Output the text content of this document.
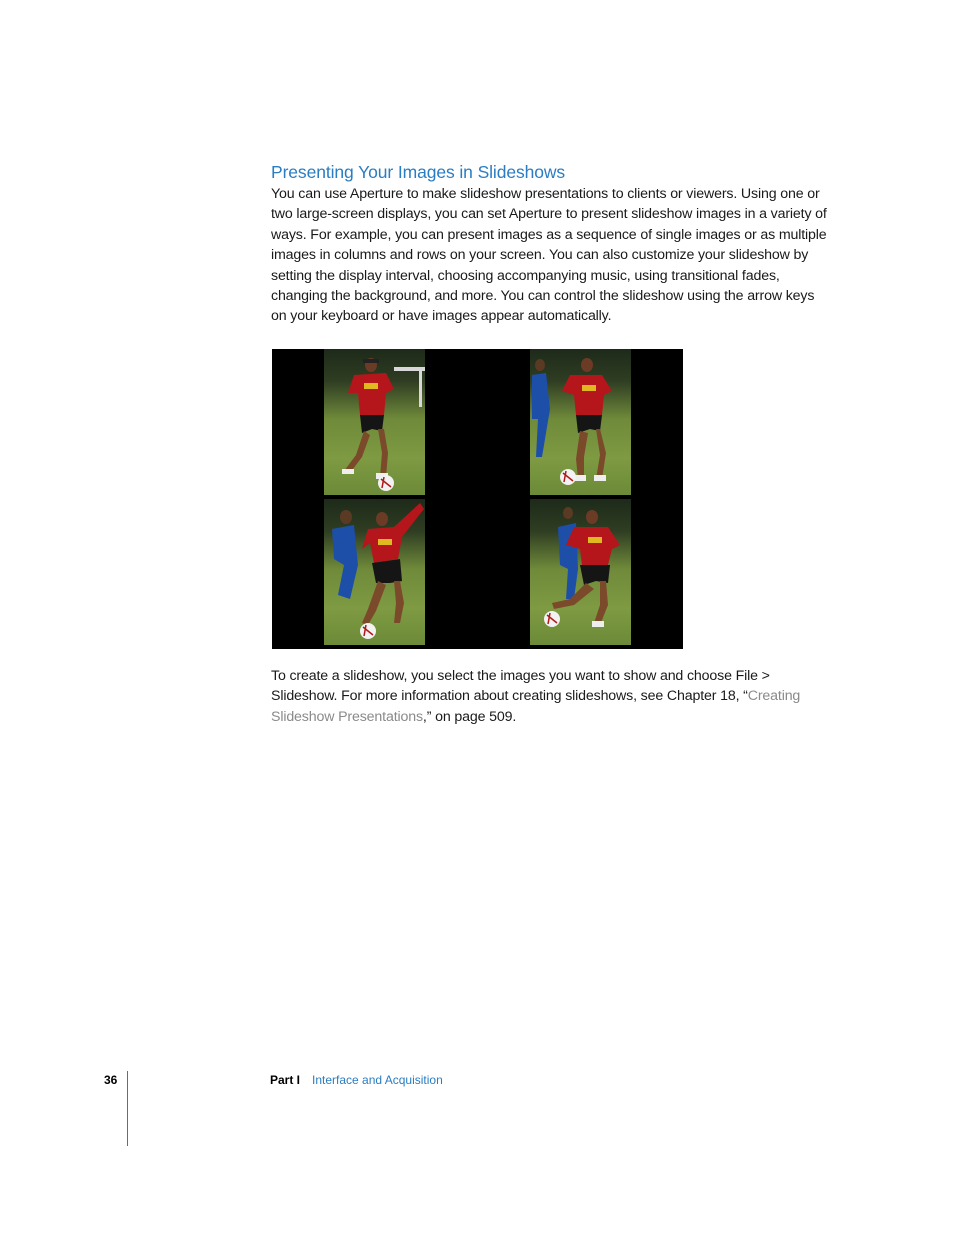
Presenting Your Images in Slideshows

You can use Aperture to make slideshow presentations to clients or viewers. Using one or two large-screen displays, you can set Aperture to present slideshow images in a variety of ways. For example, you can present images as a sequence of single images or as multiple images in columns and rows on your screen. You can also customize your slideshow by setting the display interval, choosing accompanying music, using transitional fades, changing the background, and more. You can control the slideshow using the arrow keys on your keyboard or have images appear automatically.

To create a slideshow, you select the images you want to show and choose File > Slideshow. For more information about creating slideshows, see Chapter 18, “Creating Slideshow Presentations,” on page 509.

36	Part I Interface and Acquisition
